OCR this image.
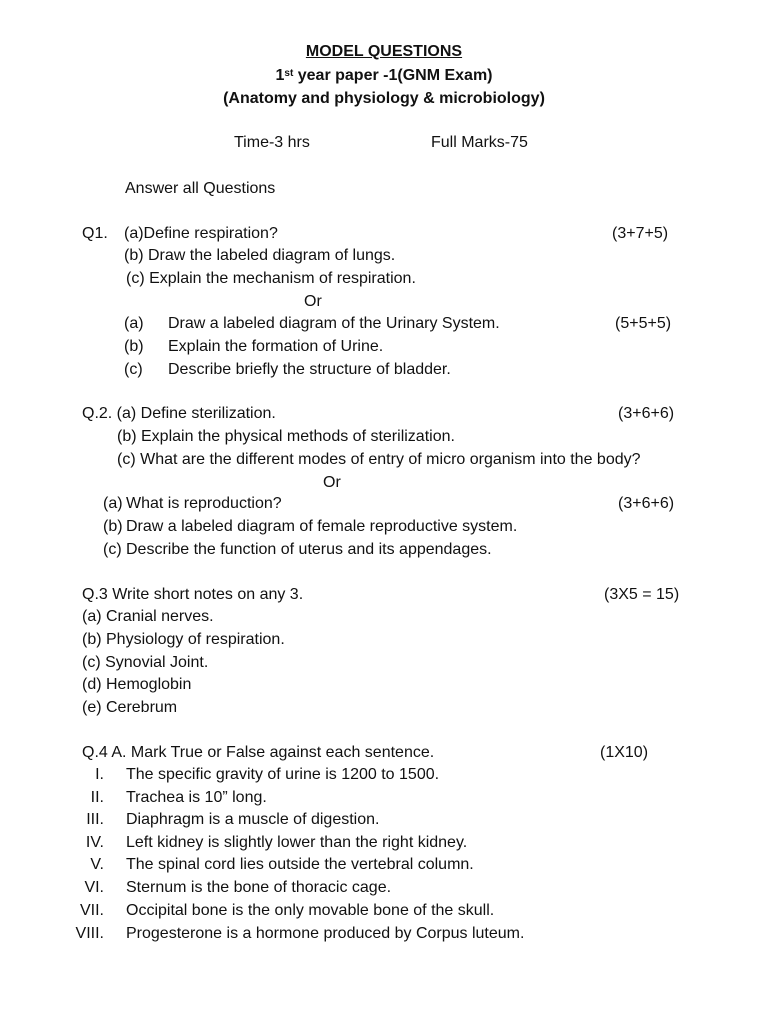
MODEL QUESTIONS
1st year paper -1(GNM Exam)
(Anatomy and physiology & microbiology)
Time-3 hrs	Full Marks-75
Answer all Questions
Q1. (a)Define respiration?	(3+7+5)
(b) Draw the labeled diagram of lungs.
(c) Explain the mechanism of respiration.
Or
(a) Draw a labeled diagram of the Urinary System.	(5+5+5)
(b) Explain the formation of Urine.
(c) Describe briefly the structure of bladder.
Q.2. (a) Define sterilization.	(3+6+6)
(b) Explain the physical methods of sterilization.
(c) What are the different modes of entry of micro organism into the body?
Or
(a) What is reproduction?	(3+6+6)
(b) Draw a labeled diagram of female reproductive system.
(c) Describe the function of uterus and its appendages.
Q.3 Write short notes on any 3.	(3X5 = 15)
(a) Cranial nerves.
(b) Physiology of respiration.
(c) Synovial Joint.
(d) Hemoglobin
(e) Cerebrum
Q.4 A. Mark True or False against each sentence.	(1X10)
I. The specific gravity of urine is 1200 to 1500.
II. Trachea is 10” long.
III. Diaphragm is a muscle of digestion.
IV. Left kidney is slightly lower than the right kidney.
V. The spinal cord lies outside the vertebral column.
VI. Sternum is the bone of thoracic cage.
VII. Occipital bone is the only movable bone of the skull.
VIII. Progesterone is a hormone produced by Corpus luteum.
